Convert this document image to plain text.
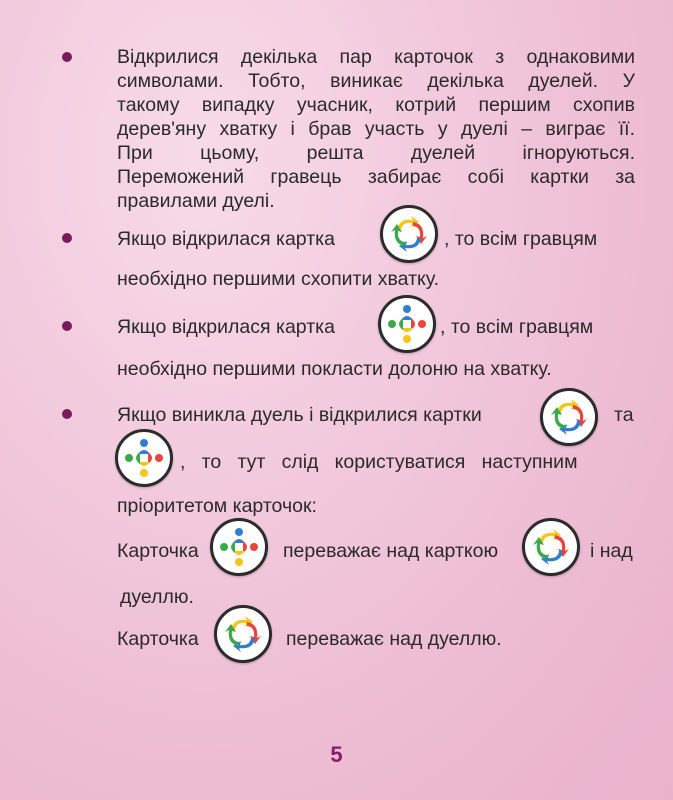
Відкрилися декілька пар карточок з однаковими
символами. Тобто, виникає декілька дуелей. У
такому випадку учасник, котрий першим схопив
дерев'яну хватку і брав участь у дуелі – виграє її.
При цьому, решта дуелей ігноруються.
Переможений гравець забирає собі картки за
правилами дуелі.
Якщо відкрилася картка	, то всім гравцям
необхідно першими схопити хватку.
Якщо відкрилася картка	, то всім гравцям
необхідно першими покласти долоню на хватку.
Якщо виникла дуель і відкрилися картки	та
,   то   тут   слід   користуватися   наступним
пріоритетом карточок:
Карточка	переважає над карткою	і над
дуеллю.
Карточка	переважає над дуеллю.
5
